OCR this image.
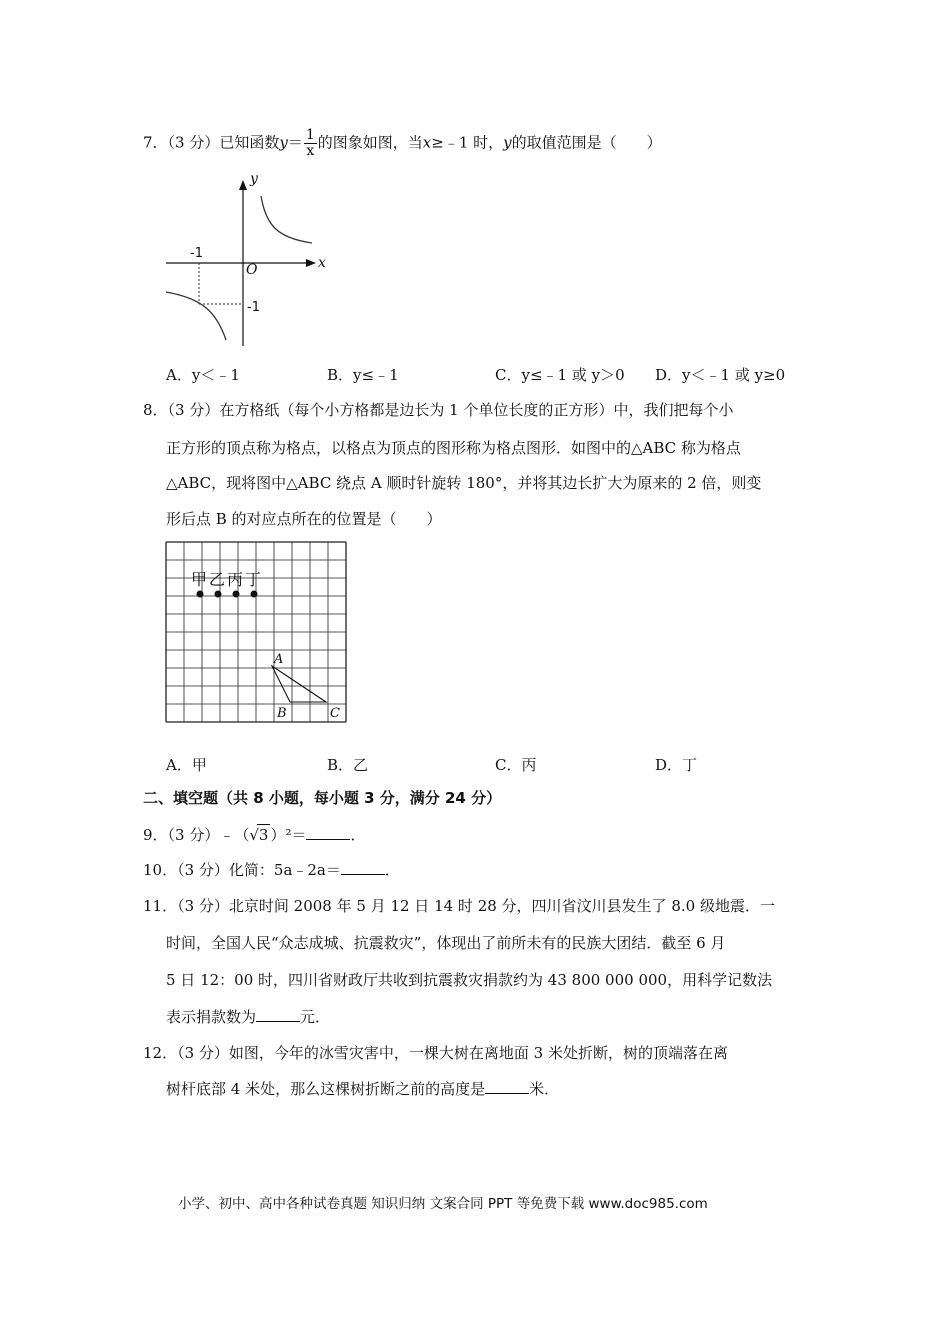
7．（3 分）已知函数$y= \frac{1}{x}$ 的图象如图，当x≥﹣1 时，y的取值范围是（　　）
y
x
O
-1
-1
A．y＜﹣1	B．y≤﹣1	C．y≤﹣1 或 y＞0 D．y＜﹣1 或 y≥0
8．（3 分）在方格纸（每个小方格都是边长为 1 个单位长度的正方形）中，我们把每个小
正方形的顶点称为格点，以格点为顶点的图形称为格点图形．如图中的△ABC 称为格点
△ABC，现将图中△ABC 绕点 A 顺时针旋转 180°，并将其边长扩大为原来的 2 倍，则变
形后点 B 的对应点所在的位置是（　　）
甲 乙 丙 丁
A
B	C
A．甲	B．乙	C．丙	D．丁
二、填空题（共 8 小题，每小题 3 分，满分 24 分）
9．（3 分）﹣（√3 ）²＝	．
10．（3 分）化简：5a﹣2a＝	．
11．（3 分）北京时间 2008 年 5 月 12 日 14 时 28 分，四川省汶川县发生了 8.0 级地震．一
时间，全国人民“众志成城、抗震救灾”，体现出了前所未有的民族大团结．截至 6 月
5 日 12：00 时，四川省财政厅共收到抗震救灾捐款约为 43 800 000 000，用科学记数法
表示捐款数为	元．
12．（3 分）如图，今年的冰雪灾害中，一棵大树在离地面 3 米处折断，树的顶端落在离
树杆底部 4 米处，那么这棵树折断之前的高度是	米．
小学、初中、高中各种试卷真题 知识归纳 文案合同 PPT 等免费下载 www.doc985.com
